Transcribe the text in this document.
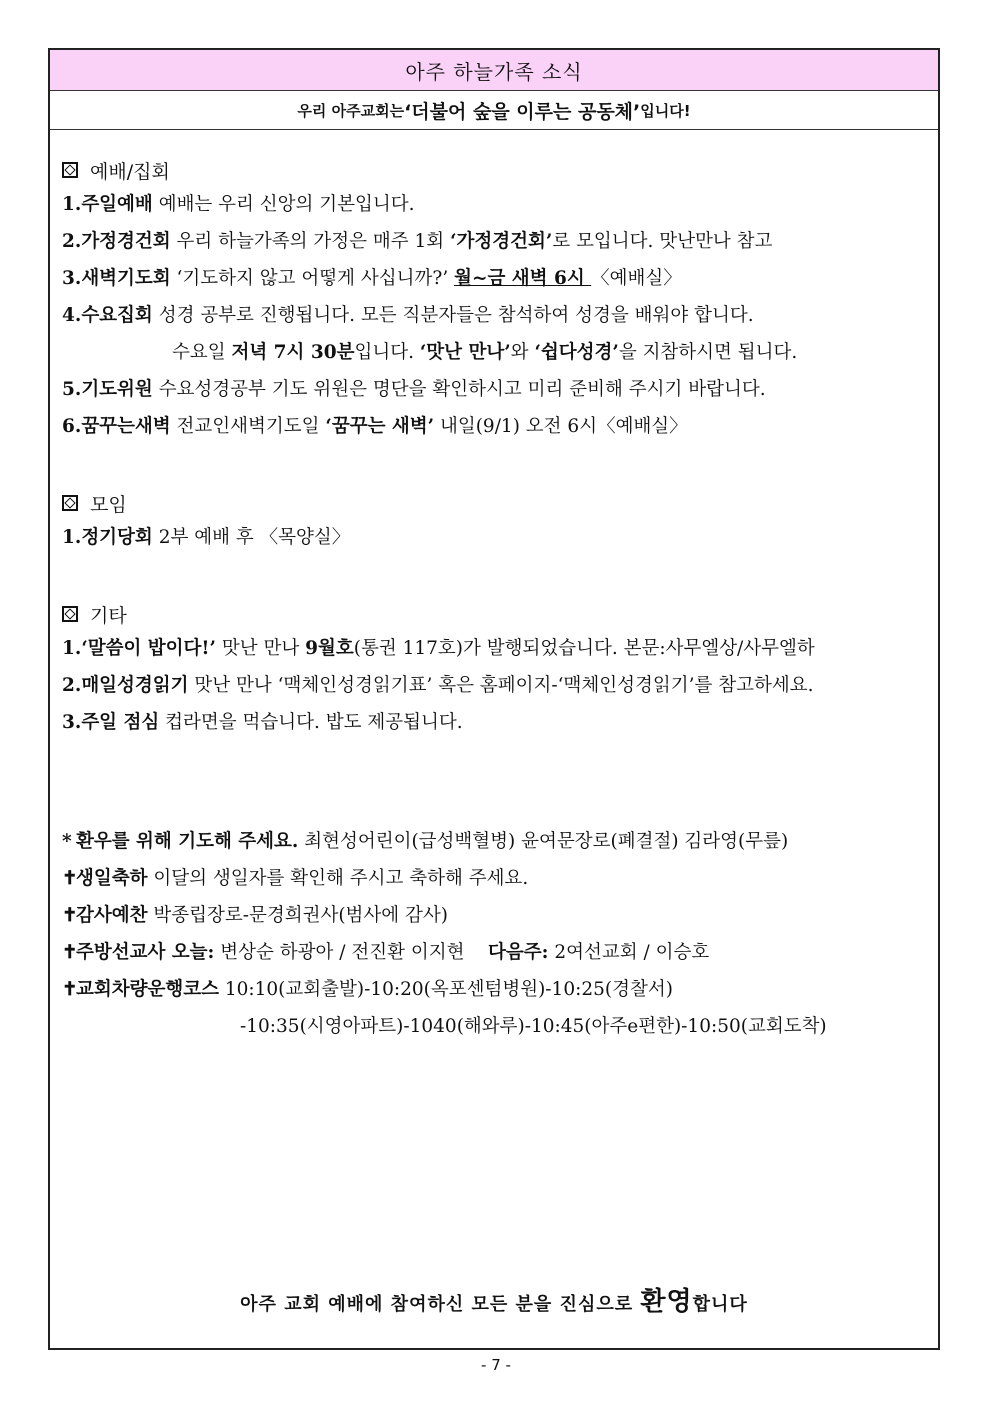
아주 하늘가족 소식
우리 아주교회는 ‘더불어 숲을 이루는 공동체’ 입니다!
예배/집회
1.주일예배 예배는 우리 신앙의 기본입니다.
2.가정경건회 우리 하늘가족의 가정은 매주 1회 ‘가정경건회’로 모입니다. 맛난만나 참고
3.새벽기도회 ‘기도하지 않고 어떻게 사십니까?’ 월~금 새벽 6시 〈예배실〉
4.수요집회 성경 공부로 진행됩니다. 모든 직분자들은 참석하여 성경을 배워야 합니다.
수요일 저녁 7시 30분입니다. ‘맛난 만나’와 ‘쉽다성경’을 지참하시면 됩니다.
5.기도위원 수요성경공부 기도 위원은 명단을 확인하시고 미리 준비해 주시기 바랍니다.
6.꿈꾸는새벽 전교인새벽기도일 ‘꿈꾸는 새벽’ 내일(9/1) 오전 6시〈예배실〉
모임
1.정기당회 2부 예배 후 〈목양실〉
기타
1.‘말씀이 밥이다!’ 맛난 만나 9월호(통권 117호)가 발행되었습니다. 본문:사무엘상/사무엘하
2.매일성경읽기 맛난 만나 ‘맥체인성경읽기표’ 혹은 홈페이지-‘맥체인성경읽기’를 참고하세요.
3.주일 점심 컵라면을 먹습니다. 밥도 제공됩니다.
* 환우를 위해 기도해 주세요. 최현성어린이(급성백혈병) 윤여문장로(폐결절) 김라영(무릎)
✝생일축하 이달의 생일자를 확인해 주시고 축하해 주세요.
✝감사예찬 박종립장로-문경희권사(범사에 감사)
✝주방선교사 오늘: 변상순 하광아 / 전진환 이지현    다음주: 2여선교회 / 이승호
✝교회차량운행코스 10:10(교회출발)-10:20(옥포센텀병원)-10:25(경찰서)
-10:35(시영아파트)-1040(해와루)-10:45(아주e편한)-10:50(교회도착)
아주 교회 예배에 참여하신 모든 분을 진심으로 환영합니다
- 7 -
